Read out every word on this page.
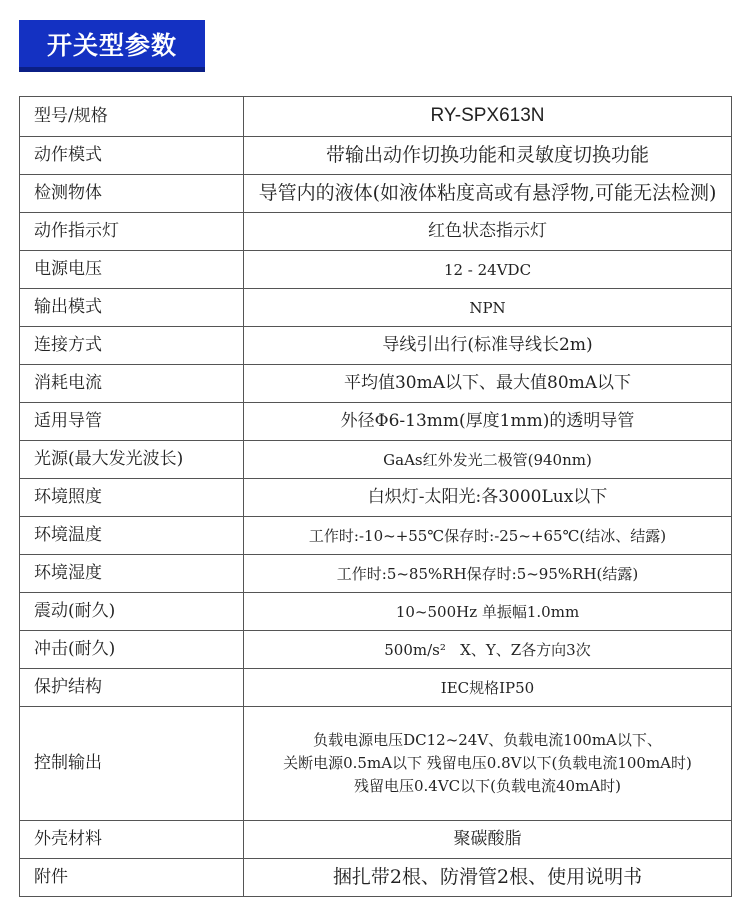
开关型参数
型号/规格	RY-SPX613N
动作模式	带输出动作切换功能和灵敏度切换功能
检测物体	导管内的液体(如液体粘度高或有悬浮物,可能无法检测)
动作指示灯	红色状态指示灯
电源电压	12 - 24VDC
输出模式	NPN
连接方式	导线引出行(标准导线长2m)
消耗电流	平均值30mA以下、最大值80mA以下
适用导管	外径Φ6-13mm(厚度1mm)的透明导管
光源(最大发光波长)	GaAs红外发光二极管(940nm)
环境照度	白炽灯-太阳光:各3000Lux以下
环境温度	工作时:-10~+55℃保存时:-25~+65℃(结冰、结露)
环境湿度	工作时:5~85%RH保存时:5~95%RH(结露)
震动(耐久)	10~500Hz 单振幅1.0mm
冲击(耐久)	500m/s²   X、Y、Z各方向3次
保护结构	IEC规格IP50
控制输出	负载电源电压DC12~24V、负载电流100mA以下、
关断电源0.5mA以下 残留电压0.8V以下(负载电流100mA时)
残留电压0.4VC以下(负载电流40mA时)

外壳材料	聚碳酸脂
附件	捆扎带2根、防滑管2根、使用说明书
